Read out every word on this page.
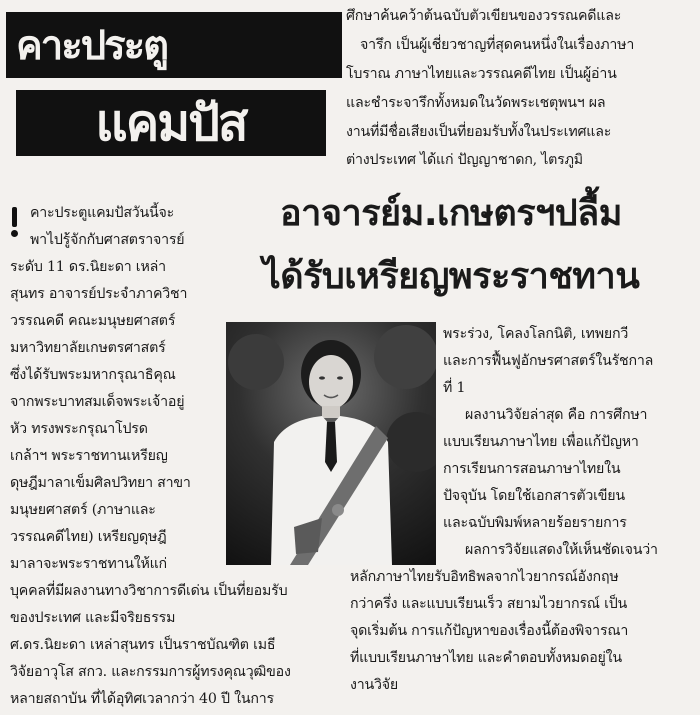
คาะประตู
แคมปัส
ศึกษาค้นคว้าต้นฉบับตัวเขียนของวรรณคดีและ
จารึก เป็นผู้เชี่ยวชาญที่สุดคนหนึ่งในเรื่องภาษา
โบราณ ภาษาไทยและวรรณคดีไทย เป็นผู้อ่าน
และชำระจารึกทั้งหมดในวัดพระเชตุพนฯ ผล
งานที่มีชื่อเสียงเป็นที่ยอมรับทั้งในประเทศและ
ต่างประเทศ ได้แก่ ปัญญาชาดก, ไตรภูมิ
อาจารย์ม.เกษตรฯปลื้ม
ได้รับเหรียญพระราชทาน
คาะประตูแคมปัสวันนี้จะ
พาไปรู้จักกับศาสตราจารย์
ระดับ 11 ดร.นิยะดา เหล่า
สุนทร อาจารย์ประจำภาควิชา
วรรณคดี คณะมนุษยศาสตร์
มหาวิทยาลัยเกษตรศาสตร์
ซึ่งได้รับพระมหากรุณาธิคุณ
จากพระบาทสมเด็จพระเจ้าอยู่
หัว ทรงพระกรุณาโปรด
เกล้าฯ พระราชทานเหรียญ
ดุษฎีมาลาเข็มศิลปวิทยา สาขา
มนุษยศาสตร์ (ภาษาและ
วรรณคดีไทย) เหรียญดุษฎี
มาลาจะพระราชทานให้แก่
บุคคลที่มีผลงานทางวิชาการดีเด่น เป็นที่ยอมรับ
ของประเทศ และมีจริยธรรม
ศ.ดร.นิยะดา เหล่าสุนทร เป็นราชบัณฑิต เมธี
วิจัยอาวุโส สกว. และกรรมการผู้ทรงคุณวุฒิของ
หลายสถาบัน ที่ได้อุทิศเวลากว่า 40 ปี ในการ
พระร่วง, โคลงโลกนิติ, เทพยกวี
และการฟื้นฟูอักษรศาสตร์ในรัชกาล
ที่ 1
ผลงานวิจัยล่าสุด คือ การศึกษา
แบบเรียนภาษาไทย เพื่อแก้ปัญหา
การเรียนการสอนภาษาไทยใน
ปัจจุบัน โดยใช้เอกสารตัวเขียน
และฉบับพิมพ์หลายร้อยรายการ
ผลการวิจัยแสดงให้เห็นชัดเจนว่า
หลักภาษาไทยรับอิทธิพลจากไวยากรณ์อังกฤษ
กว่าครึ่ง และแบบเรียนเร็ว สยามไวยากรณ์ เป็น
จุดเริ่มต้น การแก้ปัญหาของเรื่องนี้ต้องพิจารณา
ที่แบบเรียนภาษาไทย และคำตอบทั้งหมดอยู่ใน
งานวิจัย
